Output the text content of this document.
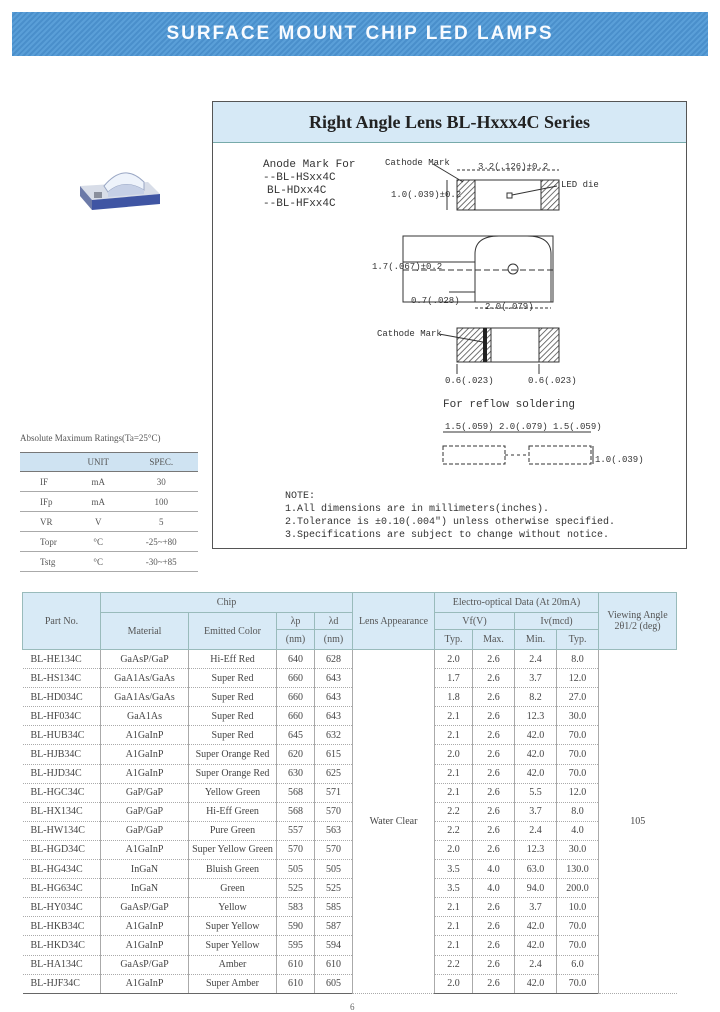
SURFACE MOUNT CHIP LED LAMPS
Right Angle Lens BL-Hxxx4C Series
Anode Mark For
--BL-HSxx4C
BL-HDxx4C
--BL-HFxx4C
Cathode Mark	3.2(.126)±0.2
LED die
1.0(.039)±0.2
1.7(.067)±0.2
0.7(.028)
2.0(.079)
Cathode Mark
0.6(.023)	0.6(.023)
For reflow soldering
1.5(.059) 2.0(.079) 1.5(.059)
1.0(.039)
NOTE:
1.All dimensions are in millimeters(inches).
2.Tolerance is ±0.10(.004") unless otherwise specified.
3.Specifications are subject to change without notice.
Absolute Maximum Ratings(Ta=25°C)
	UNIT	SPEC.
IF	mA	30
IFp	mA	100
VR	V	5
Topr	°C	-25~+80
Tstg	°C	-30~+85
Part No.	Chip				Lens Appearance	Electro-optical Data (At 20mA)				Viewing Angle 2θ1/2 (deg)
	Material	Emitted Color	λp	λd		Vf(V)		Iv(mcd)		
			(nm)	(nm)		Typ.	Max.	Min.	Typ.	
BL-HE134C	GaAsP/GaP	Hi-Eff Red	640	628	Water Clear	2.0	2.6	2.4	8.0	105
BL-HS134C	GaA1As/GaAs	Super Red	660	643		1.7	2.6	3.7	12.0	
BL-HD034C	GaA1As/GaAs	Super Red	660	643		1.8	2.6	8.2	27.0	
BL-HF034C	GaA1As	Super Red	660	643		2.1	2.6	12.3	30.0	
BL-HUB34C	A1GaInP	Super Red	645	632		2.1	2.6	42.0	70.0	
BL-HJB34C	A1GaInP	Super Orange Red	620	615		2.0	2.6	42.0	70.0	
BL-HJD34C	A1GaInP	Super Orange Red	630	625		2.1	2.6	42.0	70.0	
BL-HGC34C	GaP/GaP	Yellow Green	568	571		2.1	2.6	5.5	12.0	
BL-HX134C	GaP/GaP	Hi-Eff Green	568	570		2.2	2.6	3.7	8.0	
BL-HW134C	GaP/GaP	Pure Green	557	563		2.2	2.6	2.4	4.0	
BL-HGD34C	A1GaInP	Super Yellow Green	570	570		2.0	2.6	12.3	30.0	
BL-HG434C	InGaN	Bluish Green	505	505		3.5	4.0	63.0	130.0	
BL-HG634C	InGaN	Green	525	525		3.5	4.0	94.0	200.0	
BL-HY034C	GaAsP/GaP	Yellow	583	585		2.1	2.6	3.7	10.0	
BL-HKB34C	A1GaInP	Super Yellow	590	587		2.1	2.6	42.0	70.0	
BL-HKD34C	A1GaInP	Super Yellow	595	594		2.1	2.6	42.0	70.0	
BL-HA134C	GaAsP/GaP	Amber	610	610		2.2	2.6	2.4	6.0	
BL-HJF34C	A1GaInP	Super Amber	610	605		2.0	2.6	42.0	70.0	
6
